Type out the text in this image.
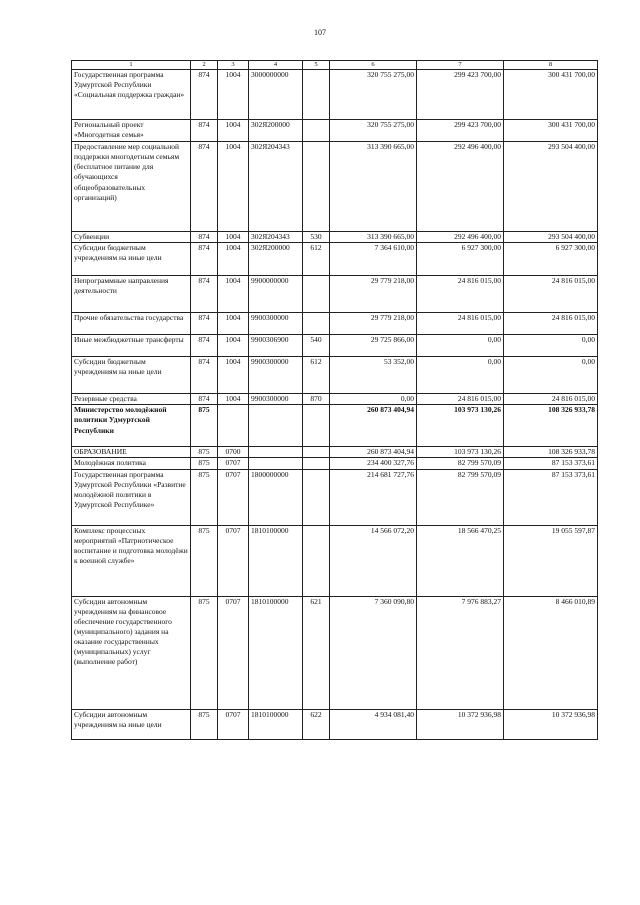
107
1	2	3	4	5	6	7	8
Государственная программа Удмуртской Республики «Социальная поддержка граждан»	874	1004	3000000000		320 755 275,00	299 423 700,00	300 431 700,00
Региональный проект «Многодетная семья»	874	1004	302Я200000		320 755 275,00	299 423 700,00	300 431 700,00
Предоставление мер социальной поддержки многодетным семьям (бесплатное питание для обучающихся общеобразовательных организаций)	874	1004	302Я204343		313 390 665,00	292 496 400,00	293 504 400,00
Субвенции	874	1004	302Я204343	530	313 390 665,00	292 496 400,00	293 504 400,00
Субсидии бюджетным учреждениям на иные цели	874	1004	302Я200000	612	7 364 610,00	6 927 300,00	6 927 300,00
Непрограммные направления деятельности	874	1004	9900000000		29 779 218,00	24 816 015,00	24 816 015,00
Прочие обязательства государства	874	1004	9900300000		29 779 218,00	24 816 015,00	24 816 015,00
Иные межбюджетные трансферты	874	1004	9900306900	540	29 725 866,00	0,00	0,00
Субсидии бюджетным учреждениям на иные цели	874	1004	9900300000	612	53 352,00	0,00	0,00
Резервные средства	874	1004	9900300000	870	0,00	24 816 015,00	24 816 015,00
Министерство молодёжной политики Удмуртской Республики	875				260 873 404,94	103 973 130,26	108 326 933,78
ОБРАЗОВАНИЕ	875	0700			260 873 404,94	103 973 130,26	108 326 933,78
Молодёжная политика	875	0707			234 400 327,76	82 799 570,09	87 153 373,61
Государственная программа Удмуртской Республики «Развитие молодёжной политики в Удмуртской Республике»	875	0707	1800000000		214 681 727,76	82 799 570,09	87 153 373,61
Комплекс процессных мероприятий «Патриотическое воспитание и подготовка молодёжи к военной службе»	875	0707	1810100000		14 566 072,20	18 566 470,25	19 055 597,87
Субсидии автономным учреждениям на финансовое обеспечение государственного (муниципального) задания на оказание государственных (муниципальных) услуг (выполнение работ)	875	0707	1810100000	621	7 360 090,80	7 976 883,27	8 466 010,89
Субсидии автономным учреждениям на иные цели	875	0707	1810100000	622	4 934 081,40	10 372 936,98	10 372 936,98
